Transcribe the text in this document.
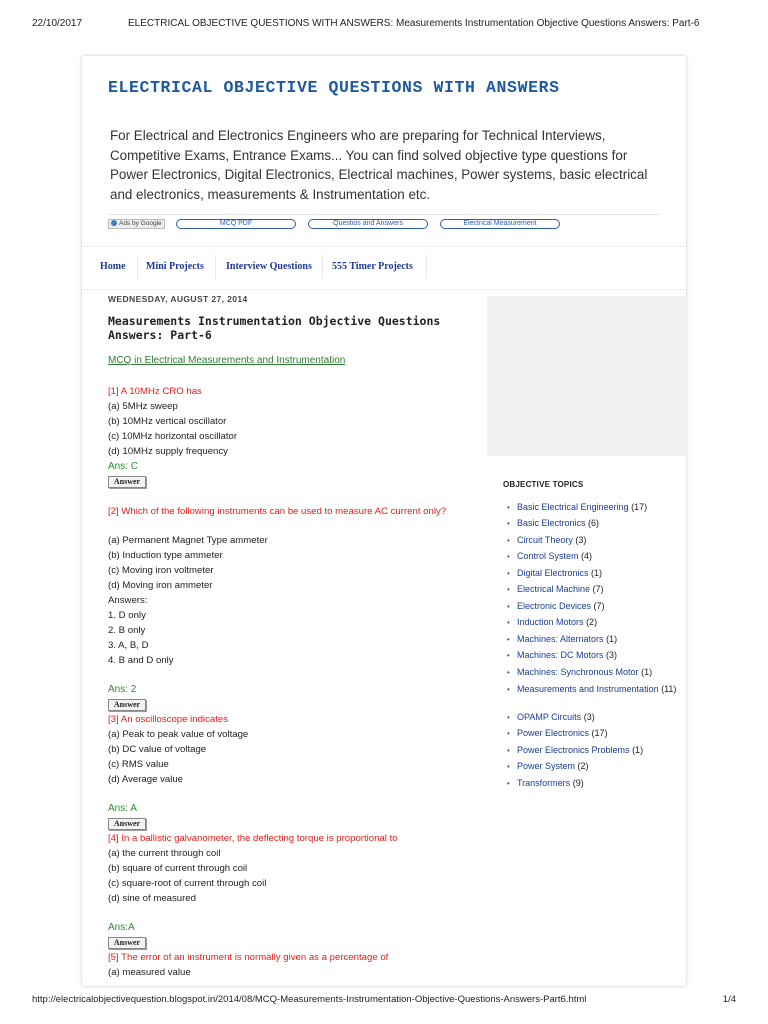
22/10/2017	ELECTRICAL OBJECTIVE QUESTIONS WITH ANSWERS: Measurements Instrumentation Objective Questions Answers: Part-6
ELECTRICAL OBJECTIVE QUESTIONS WITH ANSWERS
For Electrical and Electronics Engineers who are preparing for Technical Interviews, Competitive Exams, Entrance Exams... You can find solved objective type questions for Power Electronics, Digital Electronics, Electrical machines, Power systems, basic electrical and electronics, measurements & Instrumentation etc.
Ads by Google	MCQ PDF	Questios and Answers	Electrical Measurement
Home Mini Projects Interview Questions 555 Timer Projects
WEDNESDAY, AUGUST 27, 2014
Measurements Instrumentation Objective Questions Answers: Part-6
MCQ in Electrical Measurements and Instrumentation
[1] A 10MHz CRO has
(a) 5MHz sweep
(b) 10MHz vertical oscillator
(c) 10MHz horizontal oscillator
(d) 10MHz supply frequency
Ans: C
Answer
[2] Which of the following instruments can be used to measure AC current only?
(a) Permanent Magnet Type ammeter
(b) Induction type ammeter
(c) Moving iron voltmeter
(d) Moving iron ammeter
Answers:
1. D only
2. B only
3. A, B, D
4. B and D only
Ans: 2
Answer
[3] An oscilloscope indicates
(a) Peak to peak value of voltage
(b) DC value of voltage
(c) RMS value
(d) Average value
Ans: A
Answer
[4] In a ballistic galvanometer, the deflecting torque is proportional to
(a) the current through coil
(b) square of current through coil
(c) square-root of current through coil
(d) sine of measured
Ans:A
Answer
[5] The error of an instrument is normally given as a percentage of
(a) measured value
OBJECTIVE TOPICS
• Basic Electrical Engineering (17)
• Basic Electronics (6)
• Circuit Theory (3)
• Control System (4)
• Digital Electronics (1)
• Electrical Machine (7)
• Electronic Devices (7)
• Induction Motors (2)
• Machines: Alternators (1)
• Machines: DC Motors (3)
• Machines: Synchronous Motor (1)
• Measurements and Instrumentation (11)
• OPAMP Circuits (3)
• Power Electronics (17)
• Power Electronics Problems (1)
• Power System (2)
• Transformers (9)
http://electricalobjectivequestion.blogspot.in/2014/08/MCQ-Measurements-Instrumentation-Objective-Questions-Answers-Part6.html	1/4
